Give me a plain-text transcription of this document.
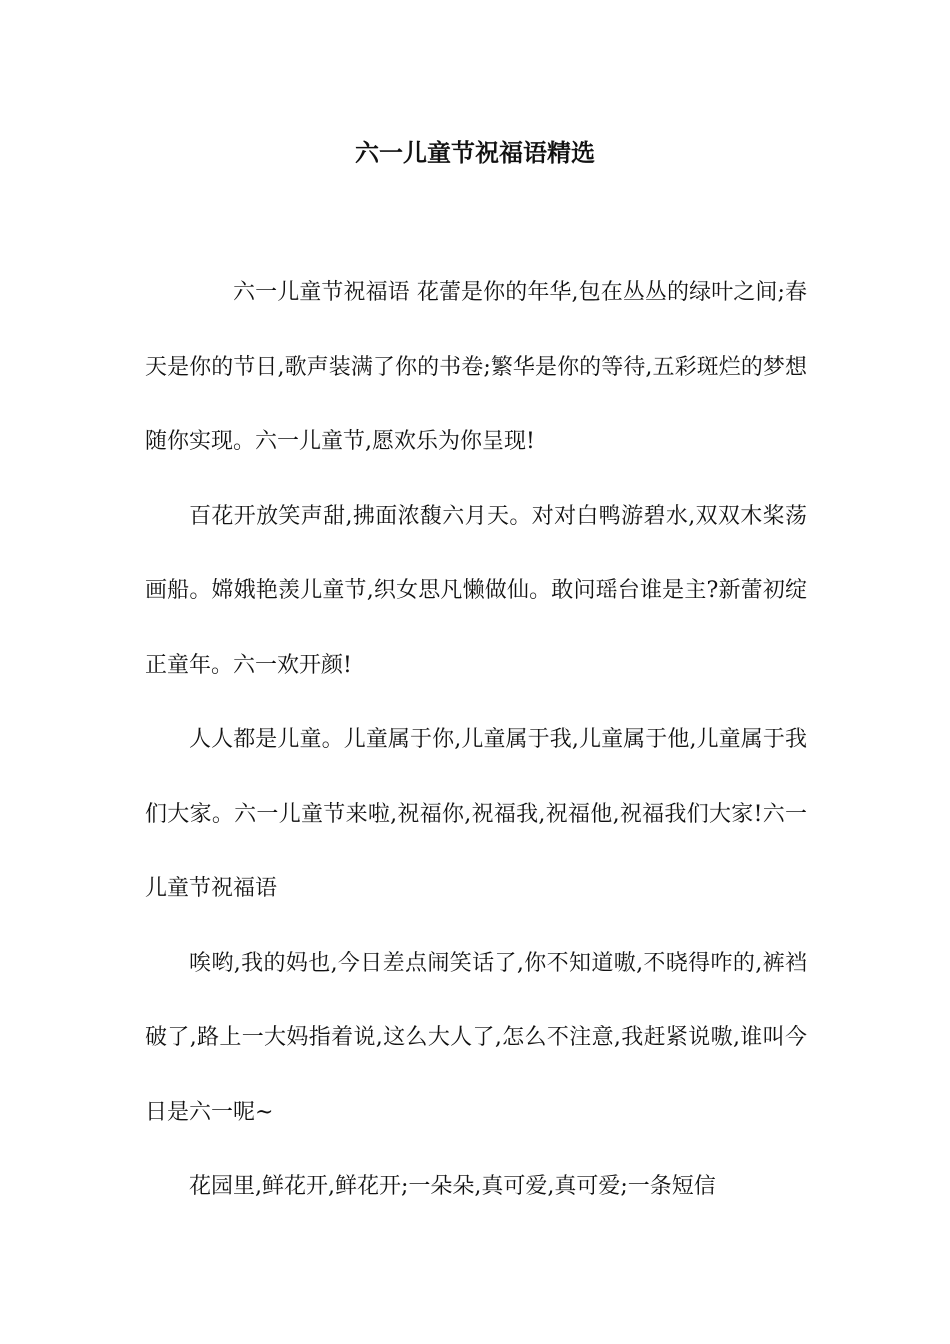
六一儿童节祝福语精选

六一儿童节祝福语 花蕾是你的年华,包在丛丛的绿叶之间;春天是你的节日,歌声装满了你的书卷;繁华是你的等待,五彩斑烂的梦想随你实现。六一儿童节,愿欢乐为你呈现!

百花开放笑声甜,拂面浓馥六月天。对对白鸭游碧水,双双木桨荡画船。嫦娥艳羡儿童节,织女思凡懒做仙。敢问瑶台谁是主?新蕾初绽正童年。六一欢开颜!

人人都是儿童。儿童属于你,儿童属于我,儿童属于他,儿童属于我们大家。六一儿童节来啦,祝福你,祝福我,祝福他,祝福我们大家!六一儿童节祝福语

唉哟,我的妈也,今日差点闹笑话了,你不知道嗷,不晓得咋的,裤裆破了,路上一大妈指着说,这么大人了,怎么不注意,我赶紧说嗷,谁叫今日是六一呢~

花园里,鲜花开,鲜花开;一朵朵,真可爱,真可爱;一条短信
